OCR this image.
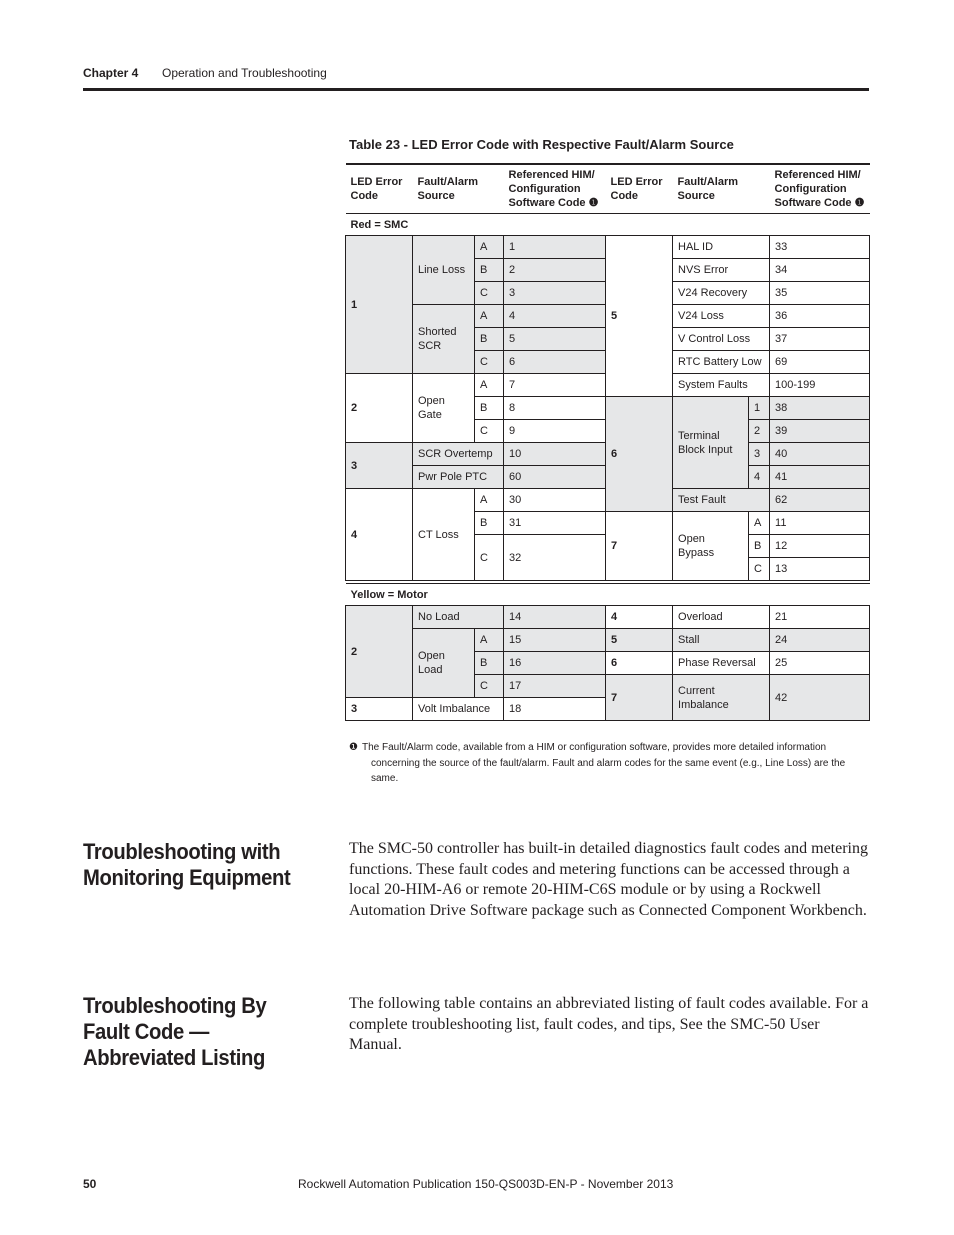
Chapter 4 Operation and Troubleshooting
Table 23 - LED Error Code with Respective Fault/Alarm Source
LED Error Code	Fault/Alarm Source		Referenced HIM/ Configuration Software Code ❶	LED Error Code	Fault/Alarm Source		Referenced HIM/ Configuration Software Code ❶
Red = SMC							
1	Line Loss	A	1	5	HAL ID		33
		B	2		NVS Error		34
		C	3		V24 Recovery		35
	Shorted SCR	A	4		V24 Loss		36
		B	5		V Control Loss		37
		C	6		RTC Battery Low		69
2	Open Gate	A	7		System Faults		100-199
		B	8	6	Terminal Block Input	1	38
		C	9			2	39
3	SCR Overtemp		10			3	40
	Pwr Pole PTC		60			4	41
4	CT Loss	A	30		Test Fault		62
		B	31	7	Open Bypass	A	11
		C	32			B	12
						C	13

Yellow = Motor							
2	No Load		14	4	Overload		21
	Open Load	A	15	5	Stall		24
		B	16	6	Phase Reversal		25
		C	17	7	Current Imbalance		42
3	Volt Imbalance		18				
❶ The Fault/Alarm code, available from a HIM or configuration software, provides more detailed information
concerning the source of the fault/alarm. Fault and alarm codes for the same event (e.g., Line Loss) are the
same.
Troubleshooting with Monitoring Equipment
The SMC-50 controller has built-in detailed diagnostics fault codes and metering functions. These fault codes and metering functions can be accessed through a local 20-HIM-A6 or remote 20-HIM-C6S module or by using a Rockwell Automation Drive Software package such as Connected Component Workbench.
Troubleshooting By Fault Code — Abbreviated Listing
The following table contains an abbreviated listing of fault codes available. For a complete troubleshooting list, fault codes, and tips, See the SMC-50 User Manual.
50	Rockwell Automation Publication 150-QS003D-EN-P - November 2013
